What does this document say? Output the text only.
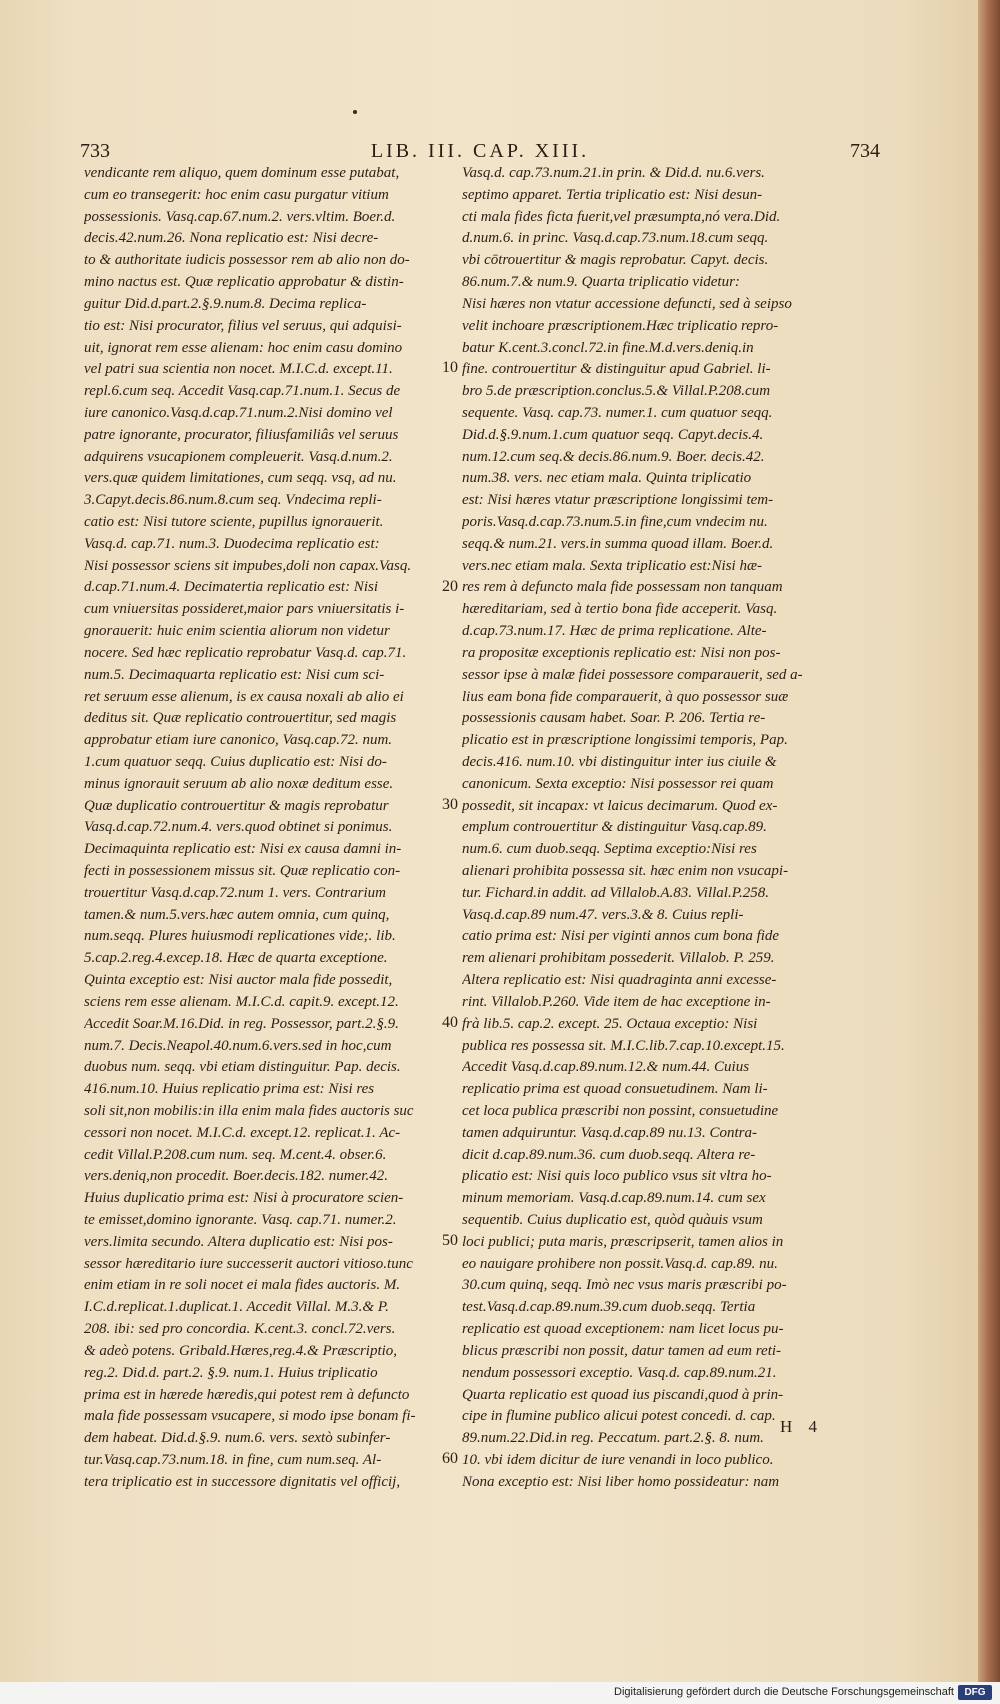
733	LIB. III. CAP. XIII.	734
vendicante rem aliquo, quem dominum esse putabat,
cum eo transegerit: hoc enim casu purgatur vitium
possessionis. Vasq.cap.67.num.2. vers.vltim. Boer.d.
decis.42.num.26. Nona replicatio est: Nisi decre-
to & authoritate iudicis possessor rem ab alio non do-
mino nactus est. Quæ replicatio approbatur & distin-
guitur Did.d.part.2.§.9.num.8. Decima replica-
tio est: Nisi procurator, filius vel seruus, qui adquisi-
uit, ignorat rem esse alienam: hoc enim casu domino
vel patri sua scientia non nocet. M.I.C.d. except.11.
repl.6.cum seq. Accedit Vasq.cap.71.num.1. Secus de
iure canonico.Vasq.d.cap.71.num.2.Nisi domino vel
patre ignorante, procurator, filiusfamiliâs vel seruus
adquirens vsucapionem compleuerit. Vasq.d.num.2.
vers.quæ quidem limitationes, cum seqq. vsq, ad nu.
3.Capyt.decis.86.num.8.cum seq. Vndecima repli-
catio est: Nisi tutore sciente, pupillus ignorauerit.
Vasq.d. cap.71. num.3. Duodecima replicatio est:
Nisi possessor sciens sit impubes,doli non capax.Vasq.
d.cap.71.num.4. Decimatertia replicatio est: Nisi
cum vniuersitas possideret,maior pars vniuersitatis i-
gnorauerit: huic enim scientia aliorum non videtur
nocere. Sed hæc replicatio reprobatur Vasq.d. cap.71.
num.5. Decimaquarta replicatio est: Nisi cum sci-
ret seruum esse alienum, is ex causa noxali ab alio ei
deditus sit. Quæ replicatio controuertitur, sed magis
approbatur etiam iure canonico, Vasq.cap.72. num.
1.cum quatuor seqq. Cuius duplicatio est: Nisi do-
minus ignorauit seruum ab alio noxæ deditum esse.
Quæ duplicatio controuertitur & magis reprobatur
Vasq.d.cap.72.num.4. vers.quod obtinet si ponimus.
Decimaquinta replicatio est: Nisi ex causa damni in-
fecti in possessionem missus sit. Quæ replicatio con-
trouertitur Vasq.d.cap.72.num 1. vers. Contrarium
tamen.& num.5.vers.hæc autem omnia, cum quinq,
num.seqq. Plures huiusmodi replicationes vide;. lib.
5.cap.2.reg.4.excep.18. Hæc de quarta exceptione.
Quinta exceptio est: Nisi auctor mala fide possedit,
sciens rem esse alienam. M.I.C.d. capit.9. except.12.
Accedit Soar.M.16.Did. in reg. Possessor, part.2.§.9.
num.7. Decis.Neapol.40.num.6.vers.sed in hoc,cum
duobus num. seqq. vbi etiam distinguitur. Pap. decis.
416.num.10. Huius replicatio prima est: Nisi res
soli sit,non mobilis:in illa enim mala fides auctoris suc
cessori non nocet. M.I.C.d. except.12. replicat.1. Ac-
cedit Villal.P.208.cum num. seq. M.cent.4. obser.6.
vers.deniq,non procedit. Boer.decis.182. numer.42.
Huius duplicatio prima est: Nisi à procuratore scien-
te emisset,domino ignorante. Vasq. cap.71. numer.2.
vers.limita secundo. Altera duplicatio est: Nisi pos-
sessor hæreditario iure successerit auctori vitioso.tunc
enim etiam in re soli nocet ei mala fides auctoris. M.
I.C.d.replicat.1.duplicat.1. Accedit Villal. M.3.& P.
208. ibi: sed pro concordia. K.cent.3. concl.72.vers.
& adeò potens. Gribald.Hæres,reg.4.& Præscriptio,
reg.2. Did.d. part.2. §.9. num.1. Huius triplicatio
prima est in hærede hæredis,qui potest rem à defuncto
mala fide possessam vsucapere, si modo ipse bonam fi-
dem habeat. Did.d.§.9. num.6. vers. sextò subinfer-
tur.Vasq.cap.73.num.18. in fine, cum num.seq. Al-
tera triplicatio est in successore dignitatis vel officij,
Vasq.d. cap.73.num.21.in prin. & Did.d. nu.6.vers.
septimo apparet. Tertia triplicatio est: Nisi desun-
cti mala fides ficta fuerit,vel præsumpta,nó vera.Did.
d.num.6. in princ. Vasq.d.cap.73.num.18.cum seqq.
vbi cōtrouertitur & magis reprobatur. Capyt. decis.
86.num.7.& num.9. Quarta triplicatio videtur:
Nisi hæres non vtatur accessione defuncti, sed à seipso
velit inchoare præscriptionem.Hæc triplicatio repro-
batur K.cent.3.concl.72.in fine.M.d.vers.deniq.in
fine. controuertitur & distinguitur apud Gabriel. li-
bro 5.de præscription.conclus.5.& Villal.P.208.cum
sequente. Vasq. cap.73. numer.1. cum quatuor seqq.
Did.d.§.9.num.1.cum quatuor seqq. Capyt.decis.4.
num.12.cum seq.& decis.86.num.9. Boer. decis.42.
num.38. vers. nec etiam mala. Quinta triplicatio
est: Nisi hæres vtatur præscriptione longissimi tem-
poris.Vasq.d.cap.73.num.5.in fine,cum vndecim nu.
seqq.& num.21. vers.in summa quoad illam. Boer.d.
vers.nec etiam mala. Sexta triplicatio est:Nisi hæ-
res rem à defuncto mala fide possessam non tanquam
hæreditariam, sed à tertio bona fide acceperit. Vasq.
d.cap.73.num.17. Hæc de prima replicatione. Alte-
ra propositæ exceptionis replicatio est: Nisi non pos-
sessor ipse à malæ fidei possessore comparauerit, sed a-
lius eam bona fide comparauerit, à quo possessor suæ
possessionis causam habet. Soar. P. 206. Tertia re-
plicatio est in præscriptione longissimi temporis, Pap.
decis.416. num.10. vbi distinguitur inter ius ciuile &
canonicum. Sexta exceptio: Nisi possessor rei quam
possedit, sit incapax: vt laicus decimarum. Quod ex-
emplum controuertitur & distinguitur Vasq.cap.89.
num.6. cum duob.seqq. Septima exceptio:Nisi res
alienari prohibita possessa sit. hæc enim non vsucapi-
tur. Fichard.in addit. ad Villalob.A.83. Villal.P.258.
Vasq.d.cap.89 num.47. vers.3.& 8. Cuius repli-
catio prima est: Nisi per viginti annos cum bona fide
rem alienari prohibitam possederit. Villalob. P. 259.
Altera replicatio est: Nisi quadraginta anni excesse-
rint. Villalob.P.260. Vide item de hac exceptione in-
frà lib.5. cap.2. except. 25. Octaua exceptio: Nisi
publica res possessa sit. M.I.C.lib.7.cap.10.except.15.
Accedit Vasq.d.cap.89.num.12.& num.44. Cuius
replicatio prima est quoad consuetudinem. Nam li-
cet loca publica præscribi non possint, consuetudine
tamen adquiruntur. Vasq.d.cap.89 nu.13. Contra-
dicit d.cap.89.num.36. cum duob.seqq. Altera re-
plicatio est: Nisi quis loco publico vsus sit vltra ho-
minum memoriam. Vasq.d.cap.89.num.14. cum sex
sequentib. Cuius duplicatio est, quòd quàuis vsum
loci publici; puta maris, præscripserit, tamen alios in
eo nauigare prohibere non possit.Vasq.d. cap.89. nu.
30.cum quinq, seqq. Imò nec vsus maris præscribi po-
test.Vasq.d.cap.89.num.39.cum duob.seqq. Tertia
replicatio est quoad exceptionem: nam licet locus pu-
blicus præscribi non possit, datur tamen ad eum reti-
nendum possessori exceptio. Vasq.d. cap.89.num.21.
Quarta replicatio est quoad ius piscandi,quod à prin-
cipe in flumine publico alicui potest concedi. d. cap.
89.num.22.Did.in reg. Peccatum. part.2.§. 8. num.
10. vbi idem dicitur de iure venandi in loco publico.
Nona exceptio est: Nisi liber homo possideatur: nam
10
20
30
40
50
60
H 4
Digitalisierung gefördert durch die Deutsche Forschungsgemeinschaft	DFG
